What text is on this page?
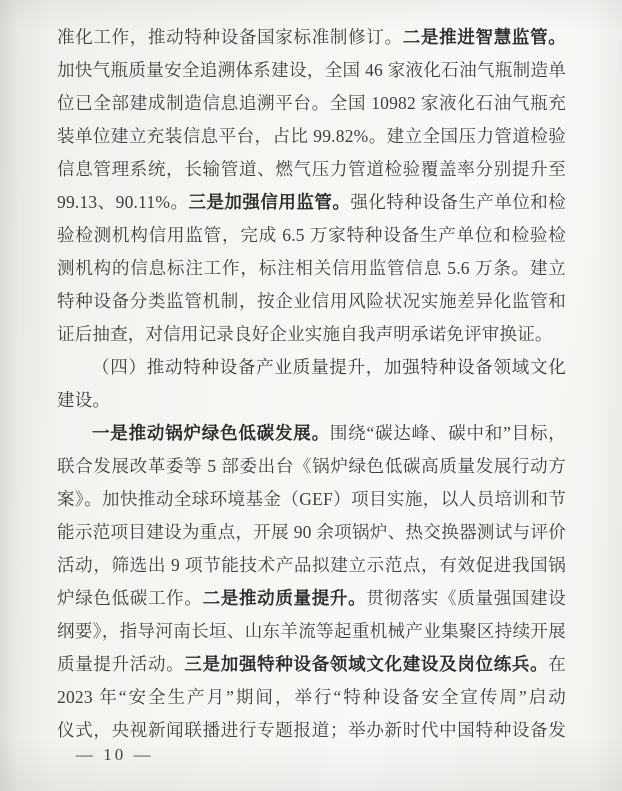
准化工作，推动特种设备国家标准制修订。二是推进智慧监管。
加快气瓶质量安全追溯体系建设，全国 46 家液化石油气瓶制造单
位已全部建成制造信息追溯平台。全国 10982 家液化石油气瓶充
装单位建立充装信息平台，占比 99.82%。建立全国压力管道检验
信息管理系统，长输管道、燃气压力管道检验覆盖率分别提升至
99.13、90.11%。三是加强信用监管。强化特种设备生产单位和检
验检测机构信用监管，完成 6.5 万家特种设备生产单位和检验检
测机构的信息标注工作，标注相关信用监管信息 5.6 万条。建立
特种设备分类监管机制，按企业信用风险状况实施差异化监管和
证后抽查，对信用记录良好企业实施自我声明承诺免评审换证。
（四）推动特种设备产业质量提升，加强特种设备领域文化
建设。
一是推动锅炉绿色低碳发展。围绕“碳达峰、碳中和”目标，
联合发展改革委等 5 部委出台《锅炉绿色低碳高质量发展行动方
案》。加快推动全球环境基金（GEF）项目实施，以人员培训和节
能示范项目建设为重点，开展 90 余项锅炉、热交换器测试与评价
活动，筛选出 9 项节能技术产品拟建立示范点，有效促进我国锅
炉绿色低碳工作。二是推动质量提升。贯彻落实《质量强国建设
纲要》，指导河南长垣、山东羊流等起重机械产业集聚区持续开展
质量提升活动。三是加强特种设备领域文化建设及岗位练兵。在
2023 年“安全生产月”期间，举行“特种设备安全宣传周”启动
仪式，央视新闻联播进行专题报道；举办新时代中国特种设备发
— 10 —
